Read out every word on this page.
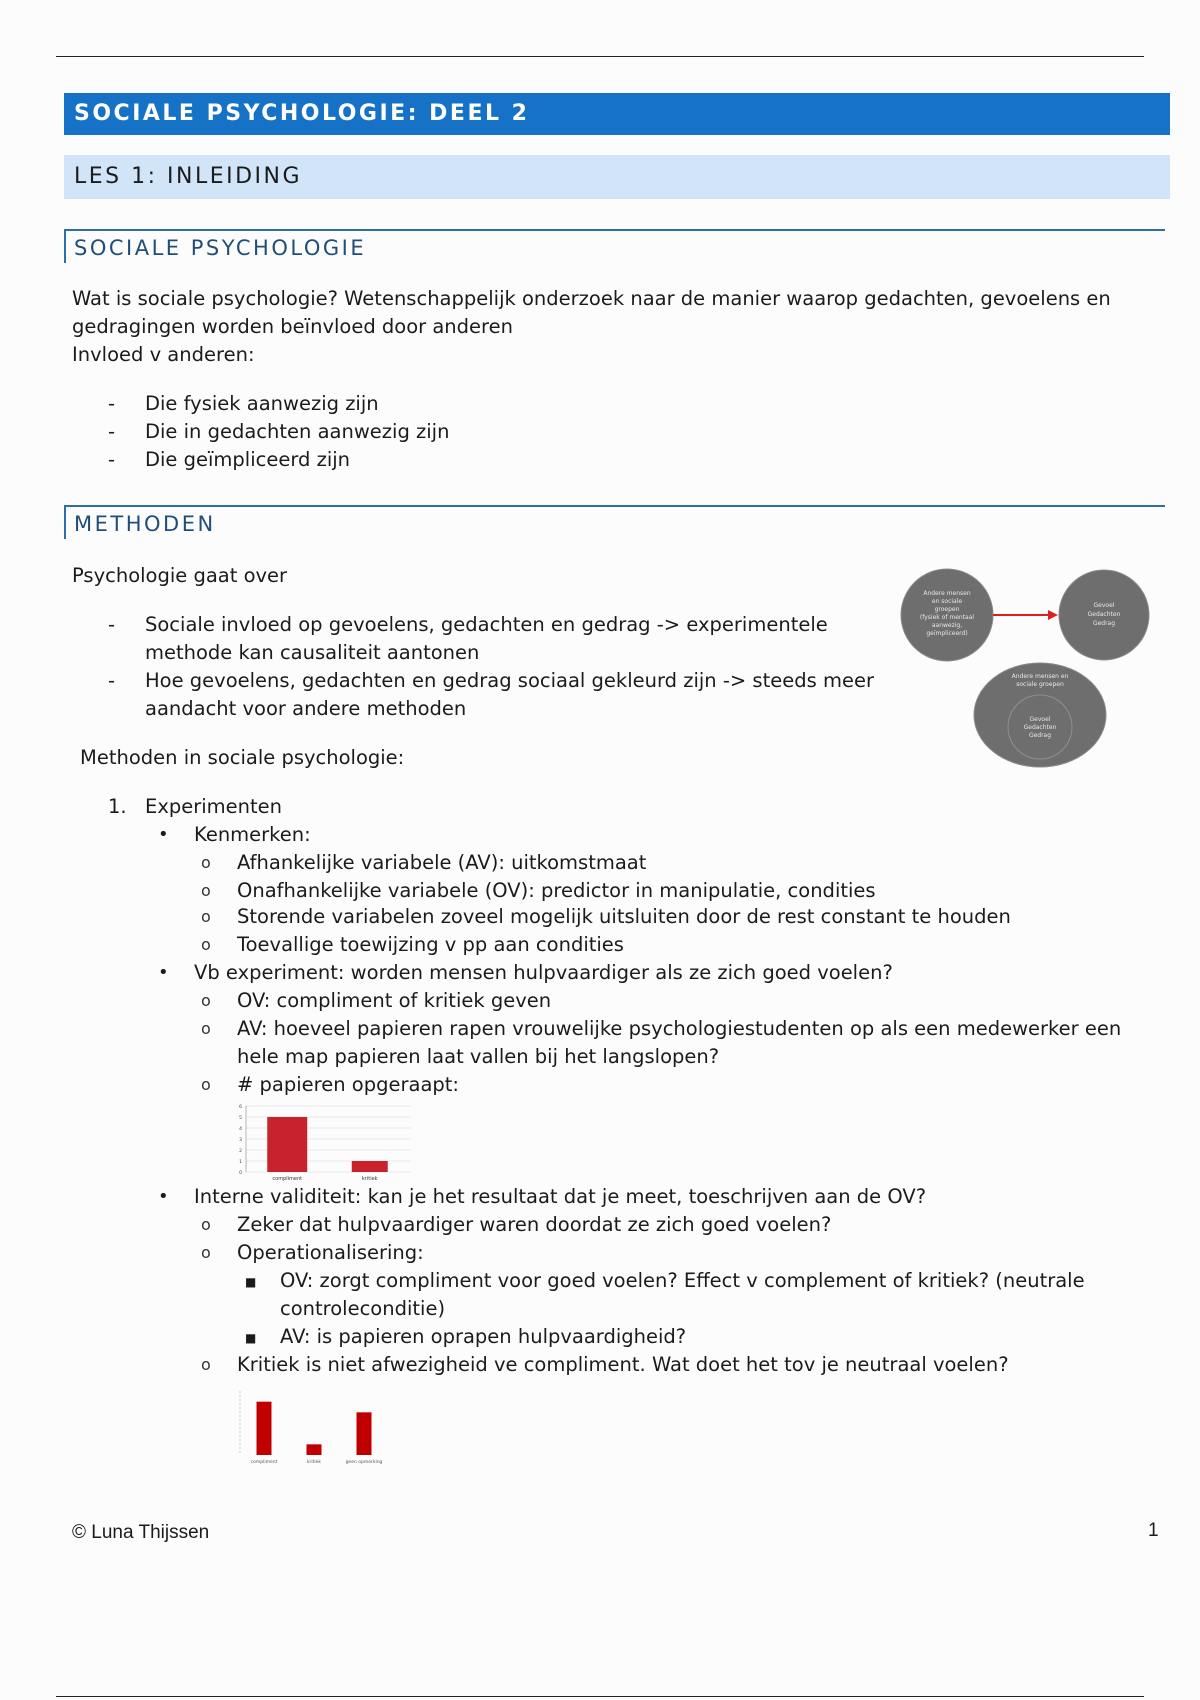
SOCIALE PSYCHOLOGIE: DEEL 2
LES 1: INLEIDING
SOCIALE PSYCHOLOGIE

Wat is sociale psychologie? Wetenschappelijk onderzoek naar de manier waarop gedachten, gevoelens en

gedragingen worden beïnvloed door anderen

Invloed v anderen:

- Die fysiek aanwezig zijn

- Die in gedachten aanwezig zijn

- Die geïmpliceerd zijn

METHODEN

Psychologie gaat over

- Sociale invloed op gevoelens, gedachten en gedrag -> experimentele

methode kan causaliteit aantonen

- Hoe gevoelens, gedachten en gedrag sociaal gekleurd zijn -> steeds meer

aandacht voor andere methoden

Andere mensen
en sociale
groepen
(fysiek of mentaal
aanwezig,
geïmpliceerd)
Gevoel
Gedachten
Gedrag
Andere mensen en
sociale groepen
Gevoel
Gedachten
Gedrag

Methoden in sociale psychologie:

1. Experimenten

• Kenmerken:

o Afhankelijke variabele (AV): uitkomstmaat

o Onafhankelijke variabele (OV): predictor in manipulatie, condities

o Storende variabelen zoveel mogelijk uitsluiten door de rest constant te houden

o Toevallige toewijzing v pp aan condities

• Vb experiment: worden mensen hulpvaardiger als ze zich goed voelen?

o OV: compliment of kritiek geven

o AV: hoeveel papieren rapen vrouwelijke psychologiestudenten op als een medewerker een

hele map papieren laat vallen bij het langslopen?

o # papieren opgeraapt:

6
5
4
3
2
1
0
compliment	kritiek
• Interne validiteit: kan je het resultaat dat je meet, toeschrijven aan de OV?

o Zeker dat hulpvaardiger waren doordat ze zich goed voelen?

o Operationalisering:

■ OV: zorgt compliment voor goed voelen? Effect v complement of kritiek? (neutrale

controleconditie)

■ AV: is papieren oprapen hulpvaardigheid?

o Kritiek is niet afwezigheid ve compliment. Wat doet het tov je neutraal voelen?

compliment	kritiek	geen opmerking
© Luna Thijssen	1
